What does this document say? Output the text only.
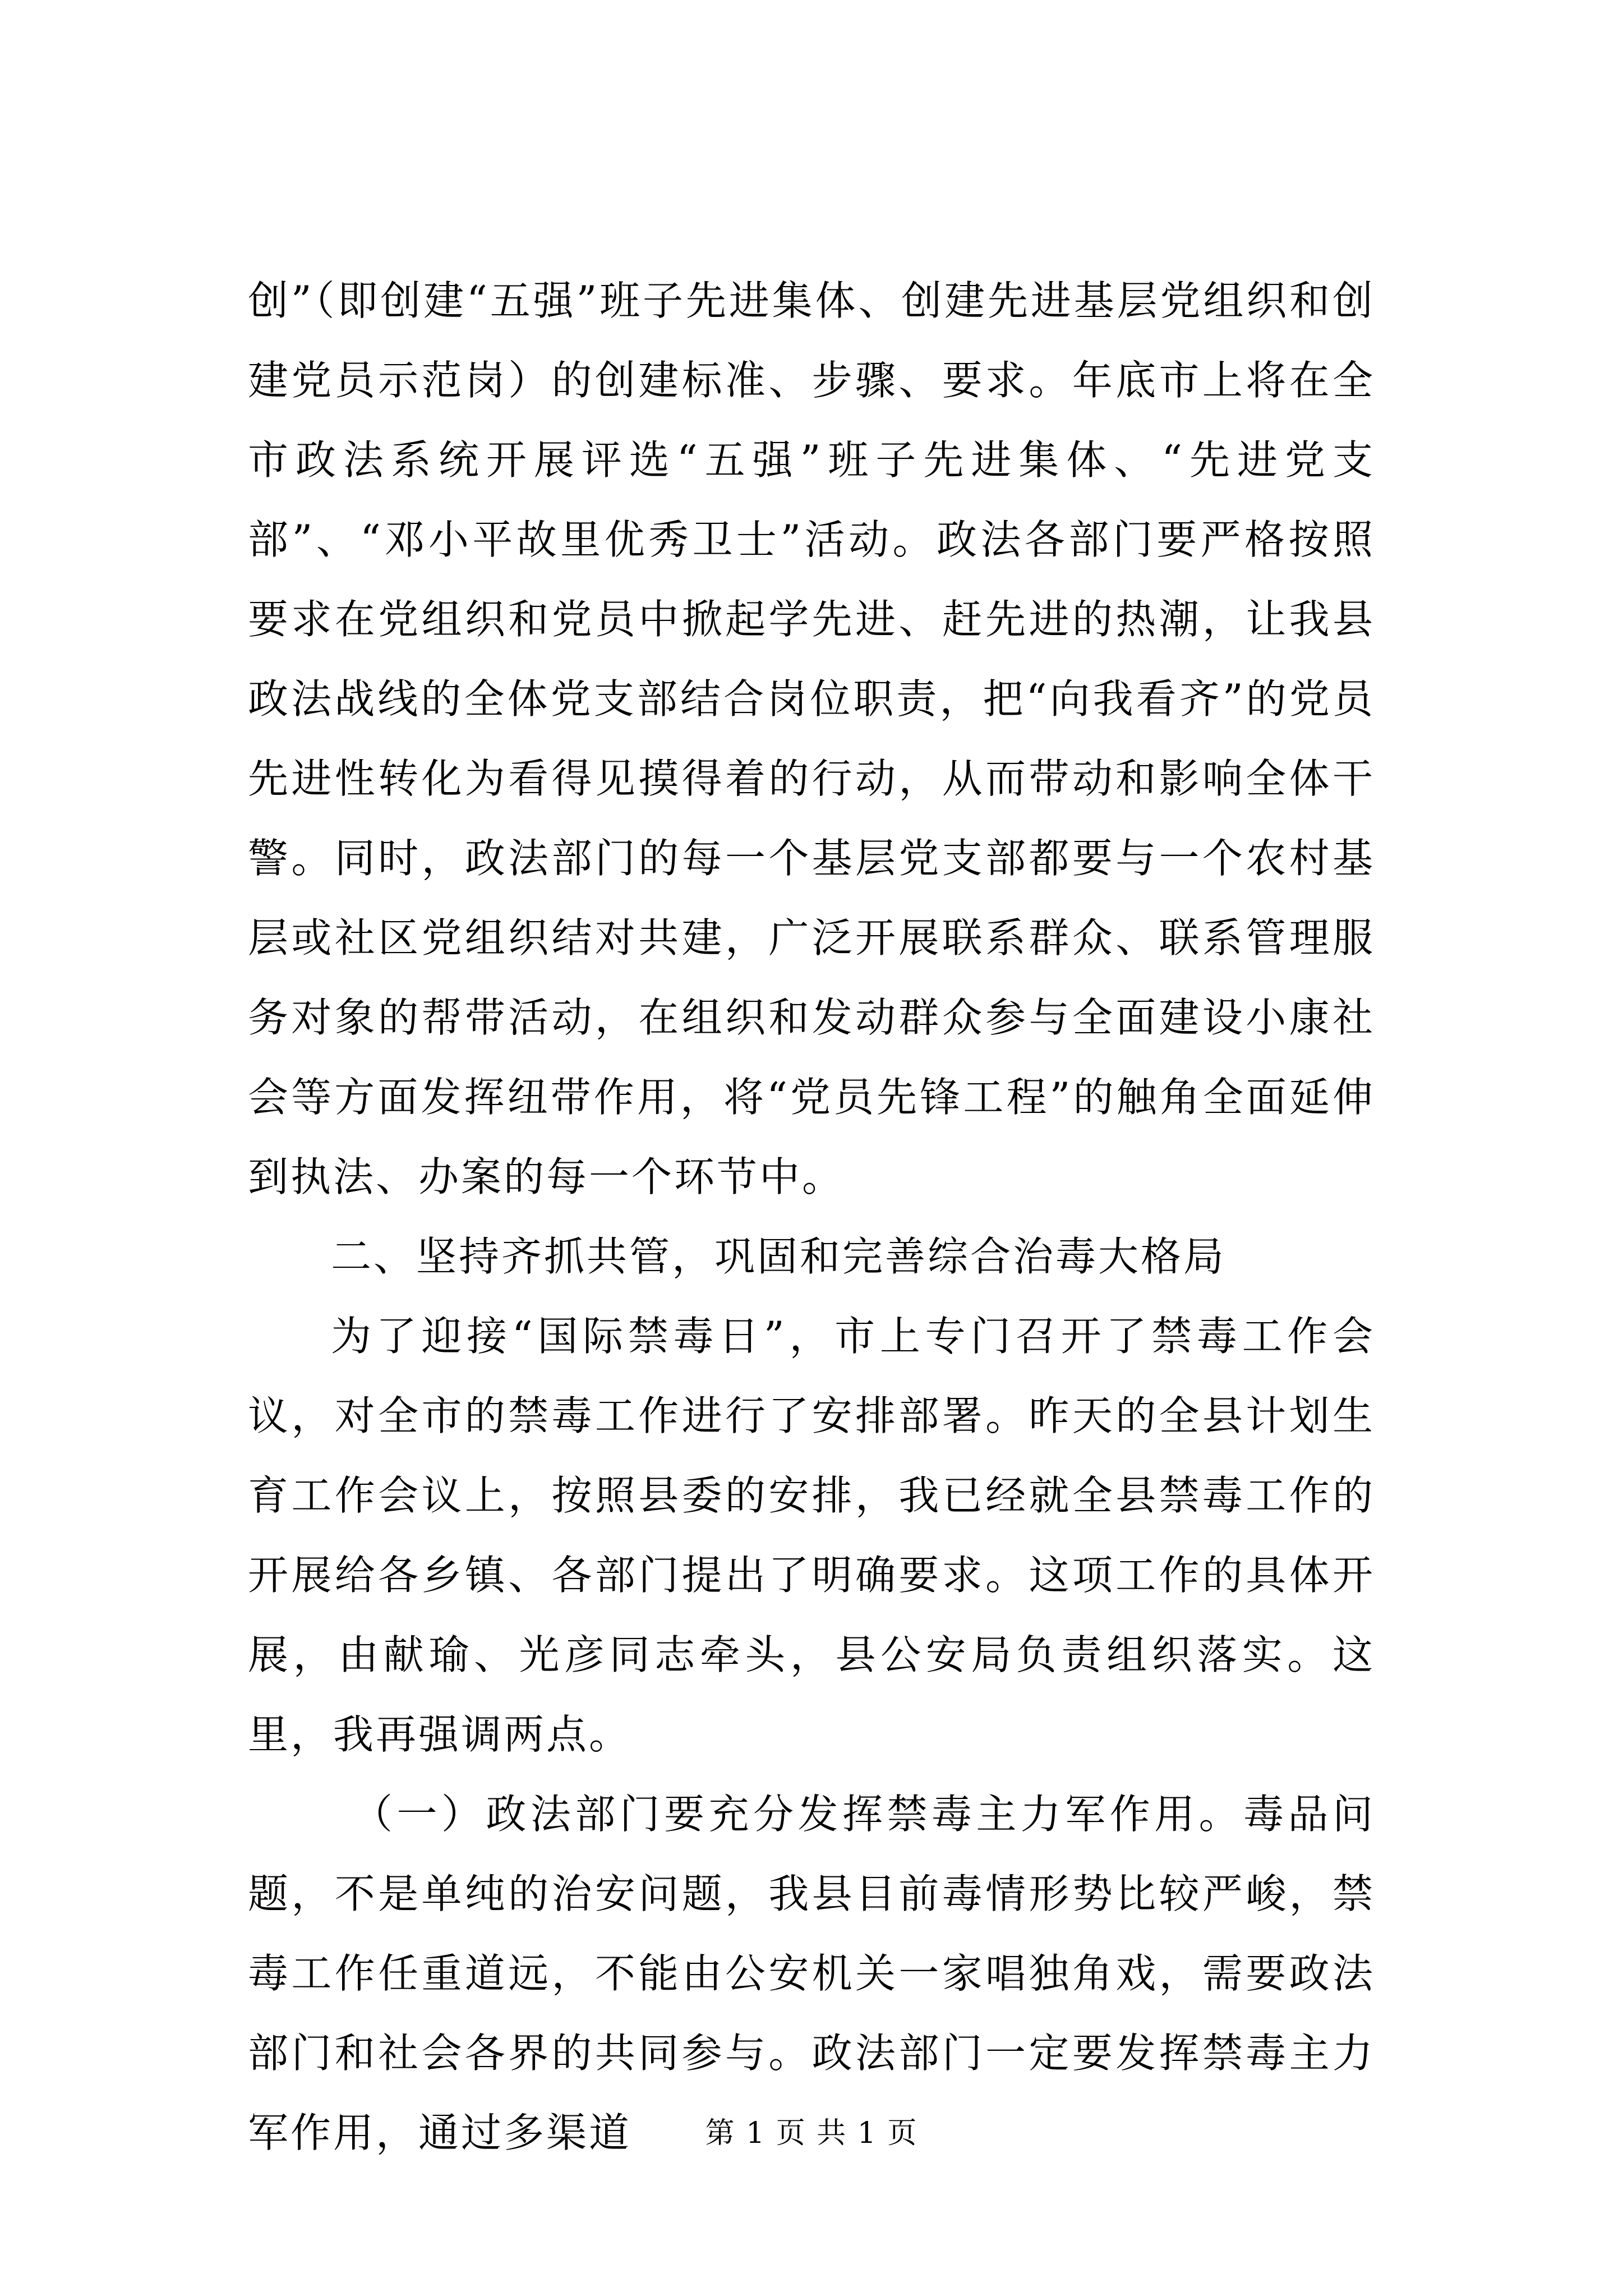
创”（即创建“五强”班子先进集体、创建先进基层党组织和创建党员示范岗）的创建标准、步骤、要求。年底市上将在全市政法系统开展评选“五强”班子先进集体、“先进党支部”、“邓小平故里优秀卫士”活动。政法各部门要严格按照要求在党组织和党员中掀起学先进、赶先进的热潮，让我县政法战线的全体党支部结合岗位职责，把“向我看齐”的党员先进性转化为看得见摸得着的行动，从而带动和影响全体干警。同时，政法部门的每一个基层党支部都要与一个农村基层或社区党组织结对共建，广泛开展联系群众、联系管理服务对象的帮带活动，在组织和发动群众参与全面建设小康社会等方面发挥纽带作用，将“党员先锋工程”的触角全面延伸到执法、办案的每一个环节中。

二、坚持齐抓共管，巩固和完善综合治毒大格局

为了迎接“国际禁毒日”，市上专门召开了禁毒工作会议，对全市的禁毒工作进行了安排部署。昨天的全县计划生育工作会议上，按照县委的安排，我已经就全县禁毒工作的开展给各乡镇、各部门提出了明确要求。这项工作的具体开展，由献瑜、光彦同志牵头，县公安局负责组织落实。这里，我再强调两点。

（一）政法部门要充分发挥禁毒主力军作用。毒品问题，不是单纯的治安问题，我县目前毒情形势比较严峻，禁毒工作任重道远，不能由公安机关一家唱独角戏，需要政法部门和社会各界的共同参与。政法部门一定要发挥禁毒主力军作用，通过多渠道	第 1 页 共 1 页
